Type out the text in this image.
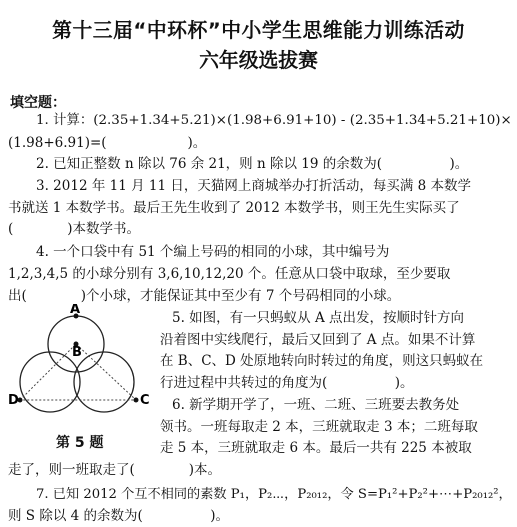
第十三届“中环杯”中小学生思维能力训练活动
六年级选拔赛
填空题：
1. 计算：(2.35+1.34+5.21)×(1.98+6.91+10) - (2.35+1.34+5.21+10)×
(1.98+6.91)=(　　　　　　)。
2. 已知正整数 n 除以 76 余 21，则 n 除以 19 的余数为(　　　　　)。
3. 2012 年 11 月 11 日，天猫网上商城举办打折活动，每买满 8 本数学
书就送 1 本数学书。最后王先生收到了 2012 本数学书，则王先生实际买了
(　　　　)本数学书。
4. 一个口袋中有 51 个编上号码的相同的小球，其中编号为
1,2,3,4,5 的小球分别有 3,6,10,12,20 个。任意从口袋中取球，至少要取
出(　　　　)个小球，才能保证其中至少有 7 个号码相同的小球。
A
B
D	C
第 5 题
5. 如图，有一只蚂蚁从 A 点出发，按顺时针方向
沿着图中实线爬行，最后又回到了 A 点。如果不计算
在 B、C、D 处原地转向时转过的角度，则这只蚂蚁在
行进过程中共转过的角度为(　　　　　)。
6. 新学期开学了，一班、二班、三班要去教务处
领书。一班每取走 2 本，三班就取走 3 本；二班每取
走 5 本，三班就取走 6 本。最后一共有 225 本被取
走了，则一班取走了(　　　　)本。
7. 已知 2012 个互不相同的素数 P₁，P₂⋯，P₂₀₁₂，令 S=P₁²+P₂²+⋯+P₂₀₁₂²，
则 S 除以 4 的余数为(　　　　　)。
